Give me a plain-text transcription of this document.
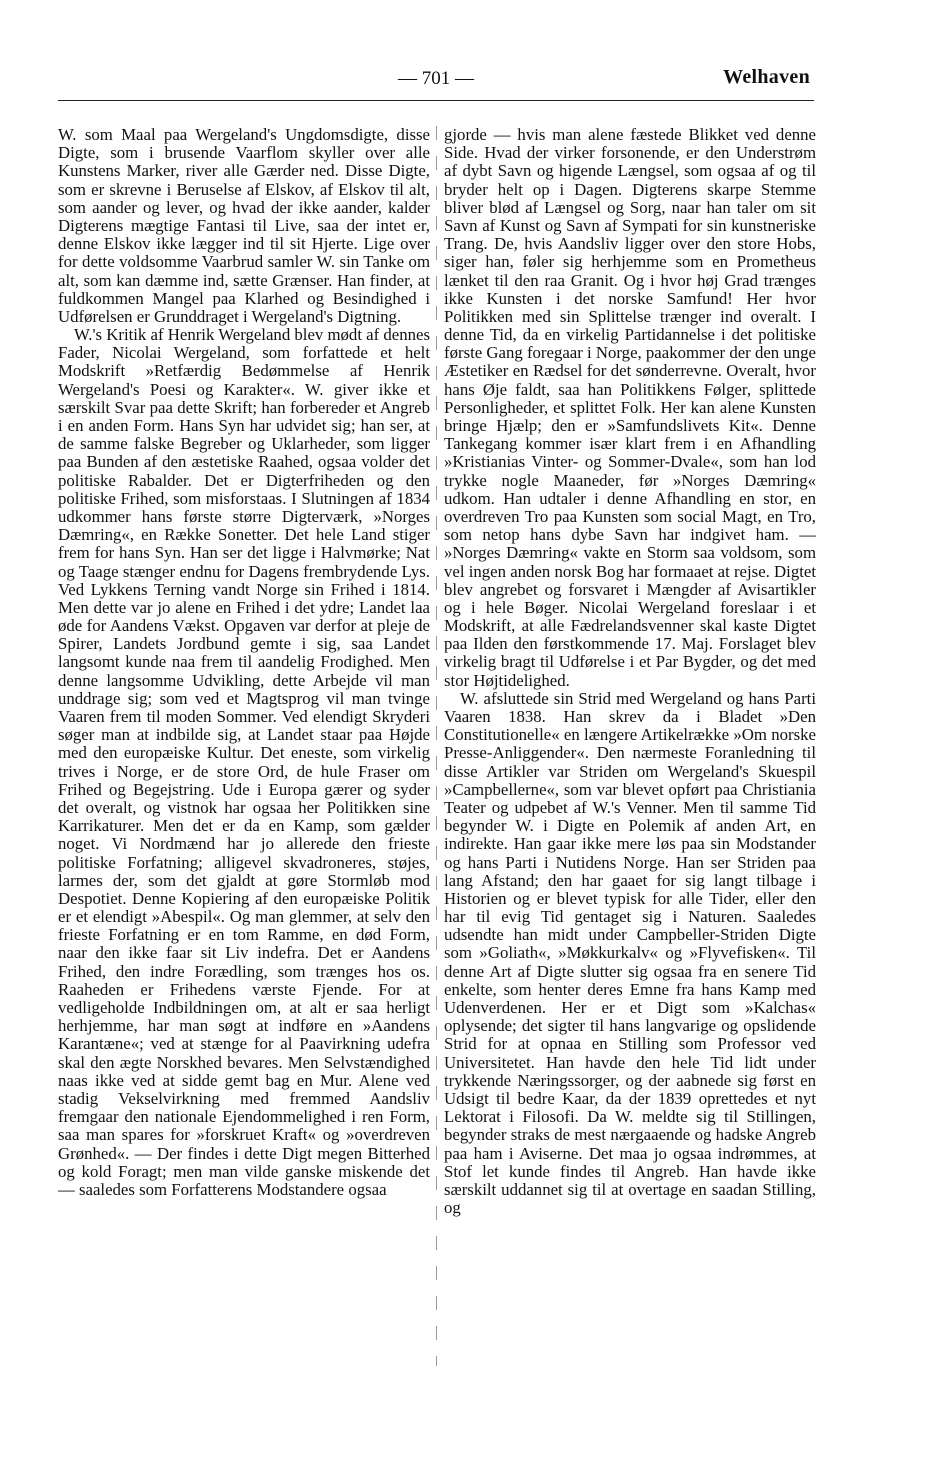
— 701 —	Welhaven

W. som Maal paa Wergeland's Ungdomsdigte, disse Digte, som i brusende Vaarflom skyller over alle Kunstens Marker, river alle Gærder ned. Disse Digte, som er skrevne i Beruselse af Elskov, af Elskov til alt, som aander og lever, og hvad der ikke aander, kalder Digterens mægtige Fantasi til Live, saa der intet er, denne Elskov ikke lægger ind til sit Hjerte. Lige over for dette voldsomme Vaarbrud samler W. sin Tanke om alt, som kan dæmme ind, sætte Grænser. Han finder, at fuldkommen Mangel paa Klarhed og Besindighed i Udførelsen er Grunddraget i Wergeland's Digtning.

W.'s Kritik af Henrik Wergeland blev mødt af dennes Fader, Nicolai Wergeland, som forfattede et helt Modskrift »Retfærdig Bedømmelse af Henrik Wergeland's Poesi og Karakter«. W. giver ikke et særskilt Svar paa dette Skrift; han forbereder et Angreb i en anden Form. Hans Syn har udvidet sig; han ser, at de samme falske Begreber og Uklarheder, som ligger paa Bunden af den æstetiske Raahed, ogsaa volder det politiske Rabalder. Det er Digterfriheden og den politiske Frihed, som misforstaas. I Slutningen af 1834 udkommer hans første større Digterværk, »Norges Dæmring«, en Række Sonetter. Det hele Land stiger frem for hans Syn. Han ser det ligge i Halvmørke; Nat og Taage stænger endnu for Dagens frembrydende Lys. Ved Lykkens Terning vandt Norge sin Frihed i 1814. Men dette var jo alene en Frihed i det ydre; Landet laa øde for Aandens Vækst. Opgaven var derfor at pleje de Spirer, Landets Jordbund gemte i sig, saa Landet langsomt kunde naa frem til aandelig Frodighed. Men denne langsomme Udvikling, dette Arbejde vil man unddrage sig; som ved et Magtsprog vil man tvinge Vaaren frem til moden Sommer. Ved elendigt Skryderi søger man at indbilde sig, at Landet staar paa Højde med den europæiske Kultur. Det eneste, som virkelig trives i Norge, er de store Ord, de hule Fraser om Frihed og Begejstring. Ude i Europa gærer og syder det overalt, og vistnok har ogsaa her Politikken sine Karrikaturer. Men det er da en Kamp, som gælder noget. Vi Nordmænd har jo allerede den frieste politiske Forfatning; alligevel skvadroneres, støjes, larmes der, som det gjaldt at gøre Stormløb mod Despotiet. Denne Kopiering af den europæiske Politik er et elendigt »Abespil«. Og man glemmer, at selv den frieste Forfatning er en tom Ramme, en død Form, naar den ikke faar sit Liv indefra. Det er Aandens Frihed, den indre Forædling, som trænges hos os. Raaheden er Frihedens værste Fjende. For at vedligeholde Indbildningen om, at alt er saa herligt herhjemme, har man søgt at indføre en »Aandens Karantæne«; ved at stænge for al Paavirkning udefra skal den ægte Norskhed bevares. Men Selvstændighed naas ikke ved at sidde gemt bag en Mur. Alene ved stadig Vekselvirkning med fremmed Aandsliv fremgaar den nationale Ejendommelighed i ren Form, saa man spares for »forskruet Kraft« og »overdreven Grønhed«. — Der findes i dette Digt megen Bitterhed og kold Foragt; men man vilde ganske miskende det — saaledes som Forfatterens Modstandere ogsaa

gjorde — hvis man alene fæstede Blikket ved denne Side. Hvad der virker forsonende, er den Understrøm af dybt Savn og higende Længsel, som ogsaa af og til bryder helt op i Dagen. Digterens skarpe Stemme bliver blød af Længsel og Sorg, naar han taler om sit Savn af Kunst og Savn af Sympati for sin kunstneriske Trang. De, hvis Aandsliv ligger over den store Hobs, siger han, føler sig herhjemme som en Prometheus lænket til den raa Granit. Og i hvor høj Grad trænges ikke Kunsten i det norske Samfund! Her hvor Politikken med sin Splittelse trænger ind overalt. I denne Tid, da en virkelig Partidannelse i det politiske første Gang foregaar i Norge, paakommer der den unge Æstetiker en Rædsel for det sønderrevne. Overalt, hvor hans Øje faldt, saa han Politikkens Følger, splittede Personligheder, et splittet Folk. Her kan alene Kunsten bringe Hjælp; den er »Samfundslivets Kit«. Denne Tankegang kommer især klart frem i en Afhandling »Kristianias Vinter- og Sommer-Dvale«, som han lod trykke nogle Maaneder, før »Norges Dæmring« udkom. Han udtaler i denne Afhandling en stor, en overdreven Tro paa Kunsten som social Magt, en Tro, som netop hans dybe Savn har indgivet ham. — »Norges Dæmring« vakte en Storm saa voldsom, som vel ingen anden norsk Bog har formaaet at rejse. Digtet blev angrebet og forsvaret i Mængder af Avisartikler og i hele Bøger. Nicolai Wergeland foreslaar i et Modskrift, at alle Fædrelandsvenner skal kaste Digtet paa Ilden den førstkommende 17. Maj. Forslaget blev virkelig bragt til Udførelse i et Par Bygder, og det med stor Højtidelighed.

W. afsluttede sin Strid med Wergeland og hans Parti Vaaren 1838. Han skrev da i Bladet »Den Constitutionelle« en længere Artikelrække »Om norske Presse-Anliggender«. Den nærmeste Foranledning til disse Artikler var Striden om Wergeland's Skuespil »Campbellerne«, som var blevet opført paa Christiania Teater og udpebet af W.'s Venner. Men til samme Tid begynder W. i Digte en Polemik af anden Art, en indirekte. Han gaar ikke mere løs paa sin Modstander og hans Parti i Nutidens Norge. Han ser Striden paa lang Afstand; den har gaaet for sig langt tilbage i Historien og er blevet typisk for alle Tider, eller den har til evig Tid gentaget sig i Naturen. Saaledes udsendte han midt under Campbeller-Striden Digte som »Goliath«, »Møkkurkalv« og »Flyvefisken«. Til denne Art af Digte slutter sig ogsaa fra en senere Tid enkelte, som henter deres Emne fra hans Kamp med Udenverdenen. Her er et Digt som »Kalchas« oplysende; det sigter til hans langvarige og opslidende Strid for at opnaa en Stilling som Professor ved Universitetet. Han havde den hele Tid lidt under trykkende Næringssorger, og der aabnede sig først en Udsigt til bedre Kaar, da der 1839 oprettedes et nyt Lektorat i Filosofi. Da W. meldte sig til Stillingen, begynder straks de mest nærgaaende og hadske Angreb paa ham i Aviserne. Det maa jo ogsaa indrømmes, at Stof let kunde findes til Angreb. Han havde ikke særskilt uddannet sig til at overtage en saadan Stilling, og
